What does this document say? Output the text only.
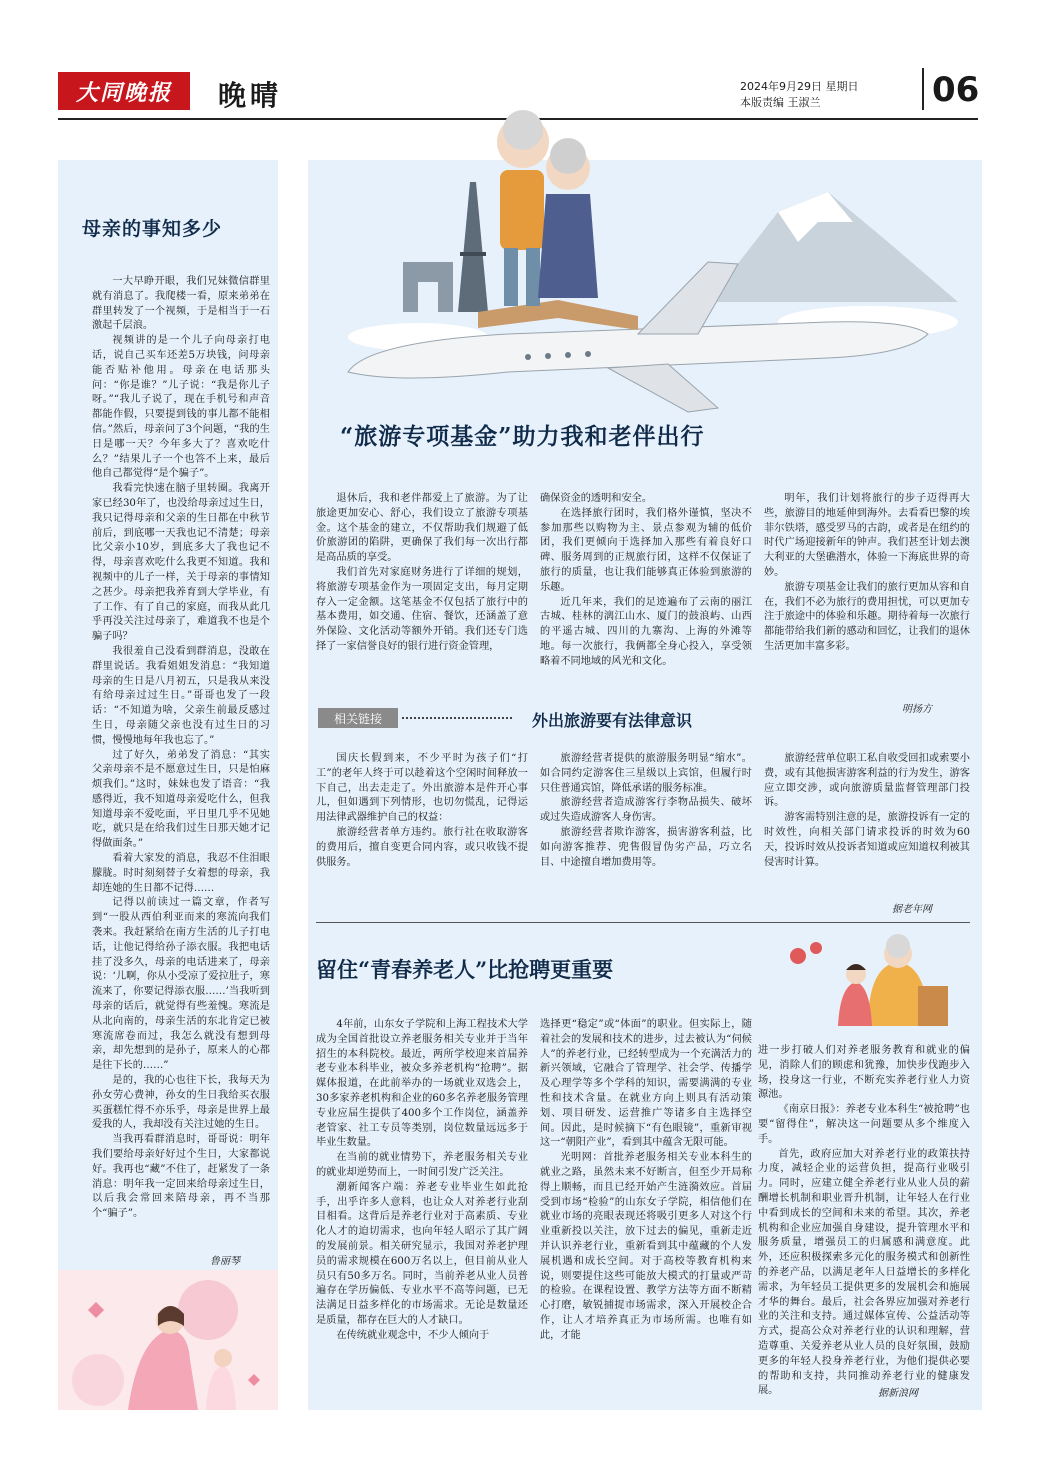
大同晚报 晚晴	2024年9月29日 星期日
本版责编 王淑兰	06
母亲的事知多少

一大早睁开眼，我们兄妹微信群里就有消息了。我爬楼一看，原来弟弟在群里转发了一个视频，于是相当于一石激起千层浪。

视频讲的是一个儿子向母亲打电话，说自己买车还差5万块钱，问母亲能否贴补他用。母亲在电话那头问：“你是谁？”儿子说：“我是你儿子呀。”“我儿子说了，现在手机号和声音都能作假，只要提到钱的事儿都不能相信。”然后，母亲问了3个问题，“我的生日是哪一天？今年多大了？喜欢吃什么？”结果儿子一个也答不上来，最后他自己都觉得“是个骗子”。

我看完快速在脑子里转圈。我离开家已经30年了，也没给母亲过过生日，我只记得母亲和父亲的生日都在中秋节前后，到底哪一天我也记不清楚；母亲比父亲小10岁，到底多大了我也记不得，母亲喜欢吃什么我更不知道。我和视频中的儿子一样，关于母亲的事情知之甚少。母亲把我养育到大学毕业，有了工作、有了自己的家庭，而我从此几乎再没关注过母亲了，难道我不也是个骗子吗？

我很羞自己没看到群消息，没敢在群里说话。我看姐姐发消息：“我知道母亲的生日是八月初五，只是我从来没有给母亲过过生日。”哥哥也发了一段话：“不知道为啥，父亲生前最反感过生日，母亲随父亲也没有过生日的习惯，慢慢地每年我也忘了。”

过了好久，弟弟发了消息：“其实父亲母亲不是不愿意过生日，只是怕麻烦我们。”这时，妹妹也发了语音：“我感得近，我不知道母亲爱吃什么，但我知道母亲不爱吃面，平日里几乎不见她吃，就只是在给我们过生日那天她才记得做面条。”

看着大家发的消息，我忍不住泪眼朦胧。时时刻刻替子女着想的母亲，我却连她的生日都不记得……

记得以前读过一篇文章，作者写到“一股从西伯利亚而来的寒流向我们袭来。我赶紧给在南方生活的儿子打电话，让他记得给孙子添衣服。我把电话挂了没多久，母亲的电话进来了，母亲说：‘儿啊，你从小受凉了爱拉肚子，寒流来了，你要记得添衣服……’当我听到母亲的话后，就觉得有些羞愧。寒流是从北向南的，母亲生活的东北肯定已被寒流席卷而过，我怎么就没有想到母亲，却先想到的是孙子，原来人的心都是往下长的……”

是的，我的心也往下长，我每天为孙女劳心费神，孙女的生日我给买衣服买蛋糕忙得不亦乐乎，母亲是世界上最爱我的人，我却没有关注过她的生日。

当我再看群消息时，哥哥说：明年我们要给母亲好好过个生日，大家都说好。我再也“藏”不住了，赶紧发了一条消息：明年我一定回来给母亲过生日，以后我会常回来陪母亲，再不当那个“骗子”。

鲁丽琴
“旅游专项基金”助力我和老伴出行

退休后，我和老伴都爱上了旅游。为了让旅途更加安心、舒心，我们设立了旅游专项基金。这个基金的建立，不仅帮助我们规避了低价旅游团的陷阱，更确保了我们每一次出行都是高品质的享受。

我们首先对家庭财务进行了详细的规划，将旅游专项基金作为一项固定支出，每月定期存入一定金额。这笔基金不仅包括了旅行中的基本费用，如交通、住宿、餐饮，还涵盖了意外保险、文化活动等额外开销。我们还专门选择了一家信誉良好的银行进行资金管理，

确保资金的透明和安全。

在选择旅行团时，我们格外谨慎，坚决不参加那些以购物为主、景点参观为辅的低价团，我们更倾向于选择加入那些有着良好口碑、服务周到的正规旅行团，这样不仅保证了旅行的质量，也让我们能够真正体验到旅游的乐趣。

近几年来，我们的足迹遍布了云南的丽江古城、桂林的漓江山水、厦门的鼓浪屿、山西的平遥古城、四川的九寨沟、上海的外滩等地。每一次旅行，我俩都全身心投入，享受领略着不同地域的风光和文化。

明年，我们计划将旅行的步子迈得再大些，旅游目的地延伸到海外。去看看巴黎的埃菲尔铁塔，感受罗马的古韵，或者是在纽约的时代广场迎接新年的钟声。我们甚至计划去澳大利亚的大堡礁潜水，体验一下海底世界的奇妙。

旅游专项基金让我们的旅行更加从容和自在，我们不必为旅行的费用担忧，可以更加专注于旅途中的体验和乐趣。期待着每一次旅行都能带给我们新的感动和回忆，让我们的退休生活更加丰富多彩。

明扬方
相关链接	外出旅游要有法律意识

国庆长假到来，不少平时为孩子们“打工”的老年人终于可以趁着这个空闲时间释放一下自己，出去走走了。外出旅游本是件开心事儿，但如遇到下列情形，也切勿慌乱，记得运用法律武器维护自己的权益：

旅游经营者单方违约。旅行社在收取游客的费用后，擅自变更合同内容，或只收钱不提供服务。

旅游经营者提供的旅游服务明显“缩水”。如合同约定游客住三星级以上宾馆，但履行时只住普通宾馆，降低承诺的服务标准。

旅游经营者造成游客行李物品损失、破坏或过失造成游客人身伤害。

旅游经营者欺诈游客，损害游客利益，比如向游客推荐、兜售假冒伪劣产品，巧立名目、中途擅自增加费用等。

旅游经营单位职工私自收受回扣或索要小费，或有其他损害游客利益的行为发生，游客应立即交涉，或向旅游质量监督管理部门投诉。

游客需特别注意的是，旅游投诉有一定的时效性，向相关部门请求投诉的时效为60天，投诉时效从投诉者知道或应知道权利被其侵害时计算。

据老年网
留住“青春养老人”比抢聘更重要

4年前，山东女子学院和上海工程技术大学成为全国首批设立养老服务相关专业并于当年招生的本科院校。最近，两所学校迎来首届养老专业本科毕业，被众多养老机构“抢聘”。据媒体报道，在此前举办的一场就业双选会上，30多家养老机构和企业的60多名养老服务管理专业应届生提供了400多个工作岗位，涵盖养老管家、社工专员等类别，岗位数量远远多于毕业生数量。

在当前的就业情势下，养老服务相关专业的就业却逆势而上，一时间引发广泛关注。

潮新闻客户端：养老专业毕业生如此抢手，出乎许多人意料，也让众人对养老行业刮目相看。这背后是养老行业对于高素质、专业化人才的迫切需求，也向年轻人昭示了其广阔的发展前景。相关研究显示，我国对养老护理员的需求规模在600万名以上，但目前从业人员只有50多万名。同时，当前养老从业人员普遍存在学历偏低、专业水平不高等问题，已无法满足日益多样化的市场需求。无论是数量还是质量，都存在巨大的人才缺口。

在传统就业观念中，不少人倾向于

选择更“稳定”或“体面”的职业。但实际上，随着社会的发展和技术的进步，过去被认为“伺候人”的养老行业，已经转型成为一个充满活力的新兴领域，它融合了管理学、社会学、传播学及心理学等多个学科的知识，需要满满的专业性和技术含量。在就业方向上则具有活动策划、项目研发、运营推广等诸多自主选择空间。因此，是时候摘下“有色眼镜”，重新审视这一“朝阳产业”，看到其中蕴含无限可能。

光明网：首批养老服务相关专业本科生的就业之路，虽然未来不好断言，但至少开局称得上顺畅，而且已经开始产生涟漪效应。首届受到市场“检验”的山东女子学院，相信他们在就业市场的亮眼表现还将吸引更多人对这个行业重新投以关注，放下过去的偏见，重新走近并认识养老行业，重新看到其中蕴藏的个人发展机遇和成长空间。对于高校等教育机构来说，则要提住这些可能放大模式的打量或严苛的检验。在课程设置、教学方法等方面不断精心打磨，敏锐捕捉市场需求，深入开展校企合作，让人才培养真正为市场所需。也唯有如此，才能

进一步打破人们对养老服务教育和就业的偏见，消除人们的顾虑和犹豫，加快步伐跑步入场，投身这一行业，不断充实养老行业人力资源池。

《南京日报》：养老专业本科生“被抢聘”也要“留得住”，解决这一问题要从多个维度入手。

首先，政府应加大对养老行业的政策扶持力度，减轻企业的运营负担，提高行业吸引力。同时，应建立健全养老行业从业人员的薪酬增长机制和职业晋升机制，让年轻人在行业中看到成长的空间和未来的希望。其次，养老机构和企业应加强自身建设，提升管理水平和服务质量，增强员工的归属感和满意度。此外，还应积极探索多元化的服务模式和创新性的养老产品，以满足老年人日益增长的多样化需求，为年轻员工提供更多的发展机会和施展才华的舞台。最后，社会各界应加强对养老行业的关注和支持。通过媒体宣传、公益活动等方式，提高公众对养老行业的认识和理解，营造尊重、关爱养老从业人员的良好氛围，鼓励更多的年轻人投身养老行业，为他们提供必要的帮助和支持，共同推动养老行业的健康发展。	据新浪网
